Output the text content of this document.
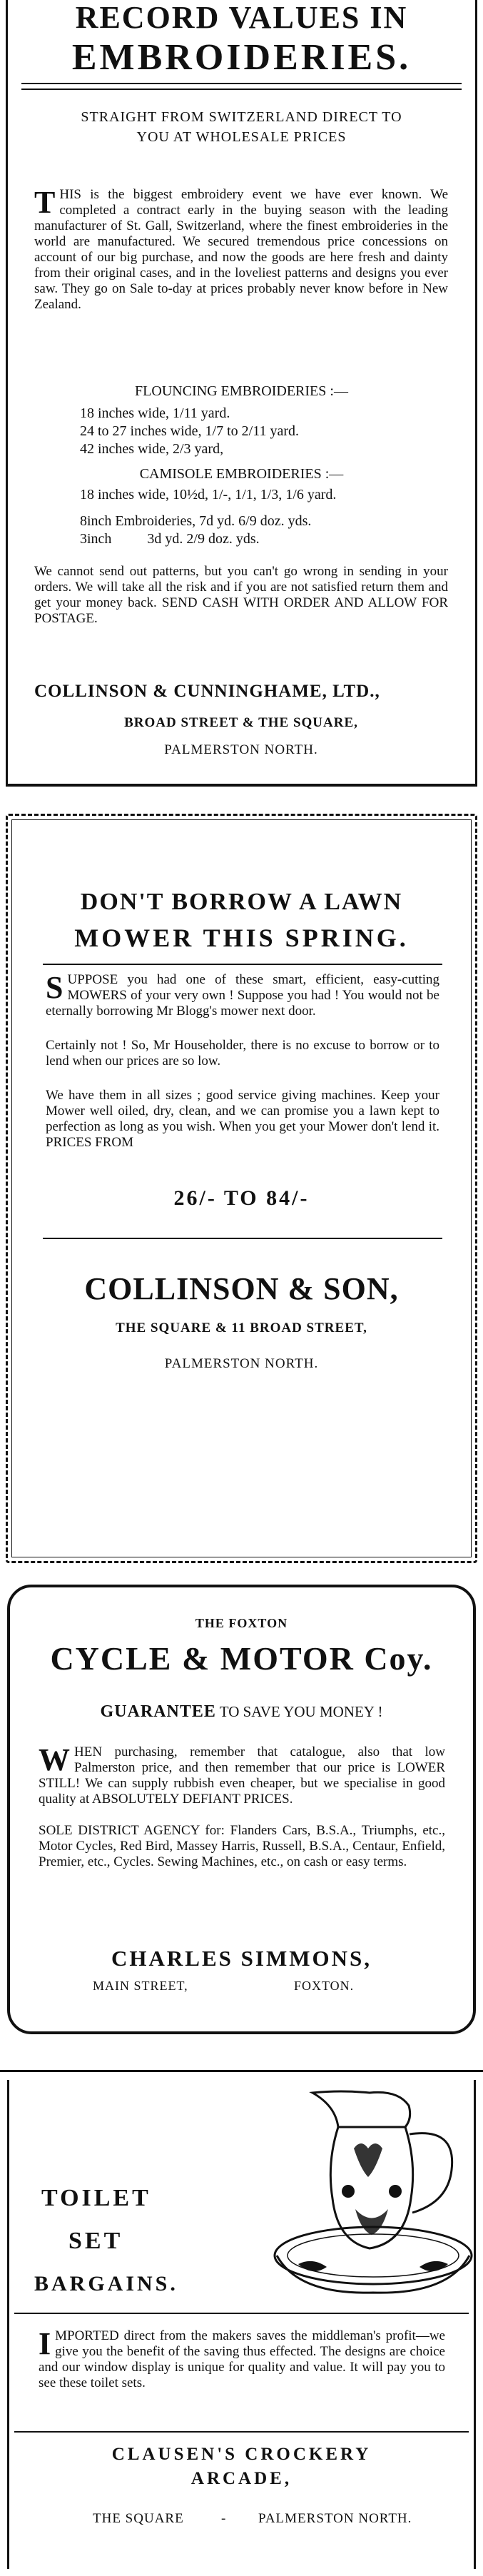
RECORD VALUES IN
EMBROIDERIES.
STRAIGHT FROM SWITZERLAND DIRECT TO
YOU AT WHOLESALE PRICES

THIS is the biggest embroidery event we have ever known. We completed a contract early in the buying season with the leading manufacturer of St. Gall, Switzerland, where the finest embroideries in the world are manufactured. We secured tremendous price concessions on account of our big purchase, and now the goods are here fresh and dainty from their original cases, and in the loveliest patterns and designs you ever saw. They go on Sale to-day at prices probably never know before in New Zealand.

FLOUNCING EMBROIDERIES :—
18 inches wide, 1/11 yard.
24 to 27 inches wide, 1/7 to 2/11 yard.
42 inches wide, 2/3 yard,
CAMISOLE EMBROIDERIES :—
18 inches wide, 10½d, 1/-, 1/1, 1/3, 1/6 yard.
8inch Embroideries, 7d yd. 6/9 doz. yds.
3inch          3d yd. 2/9 doz. yds.

We cannot send out patterns, but you can't go wrong in sending in your orders. We will take all the risk and if you are not satisfied return them and get your money back. SEND CASH WITH ORDER AND ALLOW FOR POSTAGE.

COLLINSON & CUNNINGHAME, LTD.,
BROAD STREET & THE SQUARE,
PALMERSTON NORTH.
DON'T BORROW A LAWN
MOWER THIS SPRING.

SUPPOSE you had one of these smart, efficient, easy-cutting MOWERS of your very own ! Suppose you had ! You would not be eternally borrowing Mr Blogg's mower next door.

Certainly not ! So, Mr Householder, there is no excuse to borrow or to lend when our prices are so low.

We have them in all sizes ; good service giving machines. Keep your Mower well oiled, dry, clean, and we can promise you a lawn kept to perfection as long as you wish. When you get your Mower don't lend it. PRICES FROM

26/- TO 84/-
COLLINSON & SON,
THE SQUARE & 11 BROAD STREET,
PALMERSTON NORTH.
THE FOXTON
CYCLE & MOTOR Coy.
GUARANTEE TO SAVE YOU MONEY !

WHEN purchasing, remember that catalogue, also that low Palmerston price, and then remember that our price is LOWER STILL! We can supply rubbish even cheaper, but we specialise in good quality at ABSOLUTELY DEFIANT PRICES.

SOLE DISTRICT AGENCY for: Flanders Cars, B.S.A., Triumphs, etc., Motor Cycles, Red Bird, Massey Harris, Russell, B.S.A., Centaur, Enfield, Premier, etc., Cycles. Sewing Machines, etc., on cash or easy terms.

CHARLES SIMMONS,
MAIN STREET,	FOXTON.
TOILET
SET
BARGAINS.

IMPORTED direct from the makers saves the middleman's profit—we give you the benefit of the saving thus effected. The designs are choice and our window display is unique for quality and value. It will pay you to see these toilet sets.

CLAUSEN'S CROCKERY
ARCADE,
THE SQUARE	- PALMERSTON NORTH.
